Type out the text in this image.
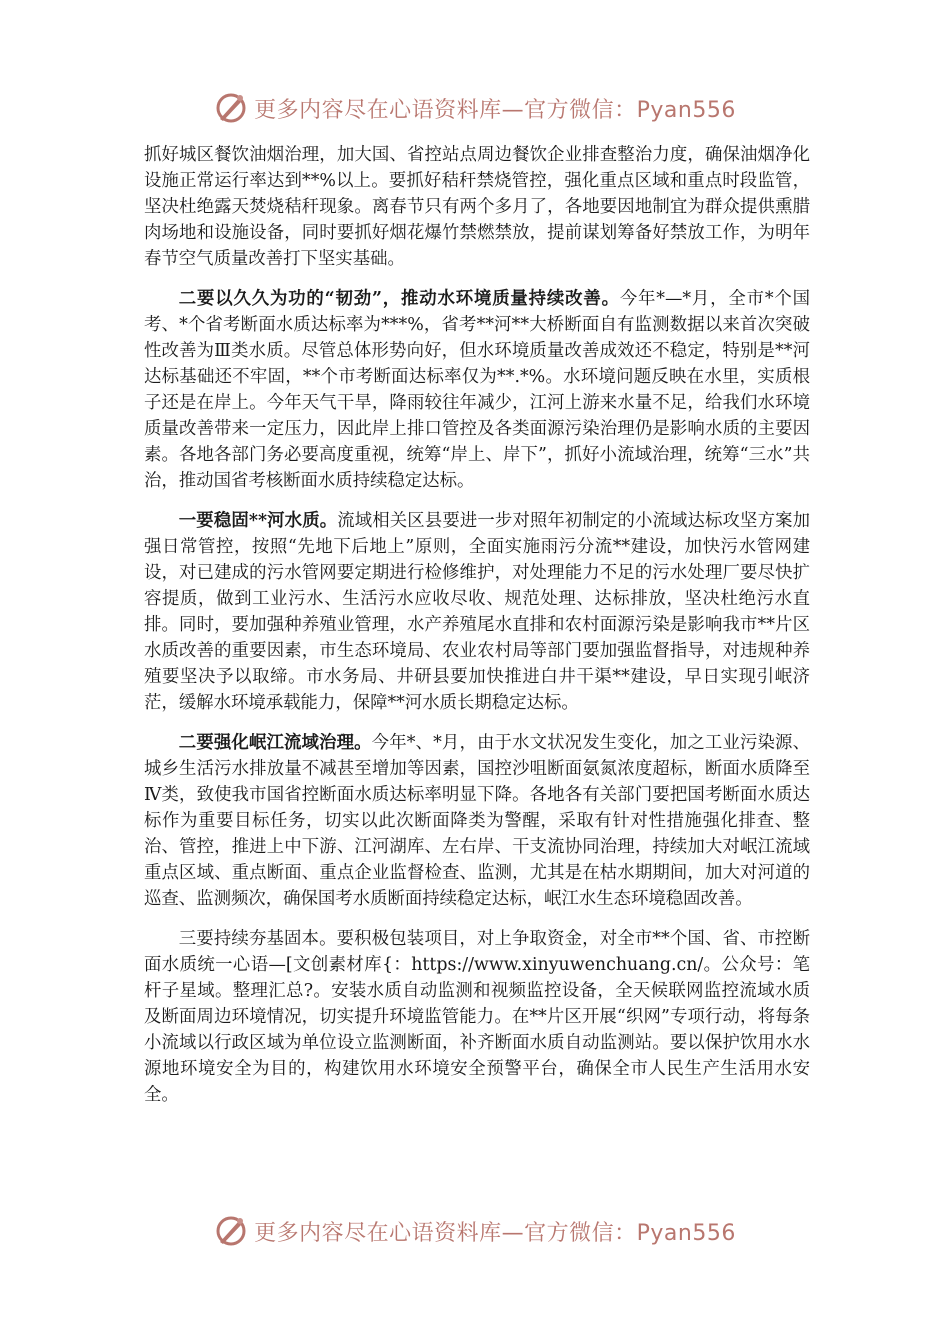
更多内容尽在心语资料库—官方微信：Pyan556

抓好城区餐饮油烟治理，加大国、省控站点周边餐饮企业排查整治力度，确保油烟净化设施正常运行率达到**%以上。要抓好秸秆禁烧管控，强化重点区域和重点时段监管，坚决杜绝露天焚烧秸秆现象。离春节只有两个多月了，各地要因地制宜为群众提供熏腊肉场地和设施设备，同时要抓好烟花爆竹禁燃禁放，提前谋划筹备好禁放工作，为明年春节空气质量改善打下坚实基础。

二要以久久为功的“韧劲”，推动水环境质量持续改善。今年*—*月，全市*个国考、*个省考断面水质达标率为***%，省考**河**大桥断面自有监测数据以来首次突破性改善为Ⅲ类水质。尽管总体形势向好，但水环境质量改善成效还不稳定，特别是**河达标基础还不牢固，**个市考断面达标率仅为**.*%。水环境问题反映在水里，实质根子还是在岸上。今年天气干旱，降雨较往年减少，江河上游来水量不足，给我们水环境质量改善带来一定压力，因此岸上排口管控及各类面源污染治理仍是影响水质的主要因素。各地各部门务必要高度重视，统筹“岸上、岸下”，抓好小流域治理，统筹“三水”共治，推动国省考核断面水质持续稳定达标。

一要稳固**河水质。流域相关区县要进一步对照年初制定的小流域达标攻坚方案加强日常管控，按照“先地下后地上”原则，全面实施雨污分流**建设，加快污水管网建设，对已建成的污水管网要定期进行检修维护，对处理能力不足的污水处理厂要尽快扩容提质，做到工业污水、生活污水应收尽收、规范处理、达标排放，坚决杜绝污水直排。同时，要加强种养殖业管理，水产养殖尾水直排和农村面源污染是影响我市**片区水质改善的重要因素，市生态环境局、农业农村局等部门要加强监督指导，对违规种养殖要坚决予以取缔。市水务局、井研县要加快推进白井干渠**建设，早日实现引岷济茫，缓解水环境承载能力，保障**河水质长期稳定达标。

二要强化岷江流域治理。今年*、*月，由于水文状况发生变化，加之工业污染源、城乡生活污水排放量不减甚至增加等因素，国控沙咀断面氨氮浓度超标，断面水质降至Ⅳ类，致使我市国省控断面水质达标率明显下降。各地各有关部门要把国考断面水质达标作为重要目标任务，切实以此次断面降类为警醒，采取有针对性措施强化排查、整治、管控，推进上中下游、江河湖库、左右岸、干支流协同治理，持续加大对岷江流域重点区域、重点断面、重点企业监督检查、监测，尤其是在枯水期期间，加大对河道的巡查、监测频次，确保国考水质断面持续稳定达标，岷江水生态环境稳固改善。

三要持续夯基固本。要积极包装项目，对上争取资金，对全市**个国、省、市控断面水质统一心语—[文创素材库{：https://www.xinyuwenchuang.cn/。公众号：笔杆子星域。整理汇总?。安装水质自动监测和视频监控设备，全天候联网监控流域水质及断面周边环境情况，切实提升环境监管能力。在**片区开展“织网”专项行动，将每条小流域以行政区域为单位设立监测断面，补齐断面水质自动监测站。要以保护饮用水水源地环境安全为目的，构建饮用水环境安全预警平台，确保全市人民生产生活用水安全。

更多内容尽在心语资料库—官方微信：Pyan556
